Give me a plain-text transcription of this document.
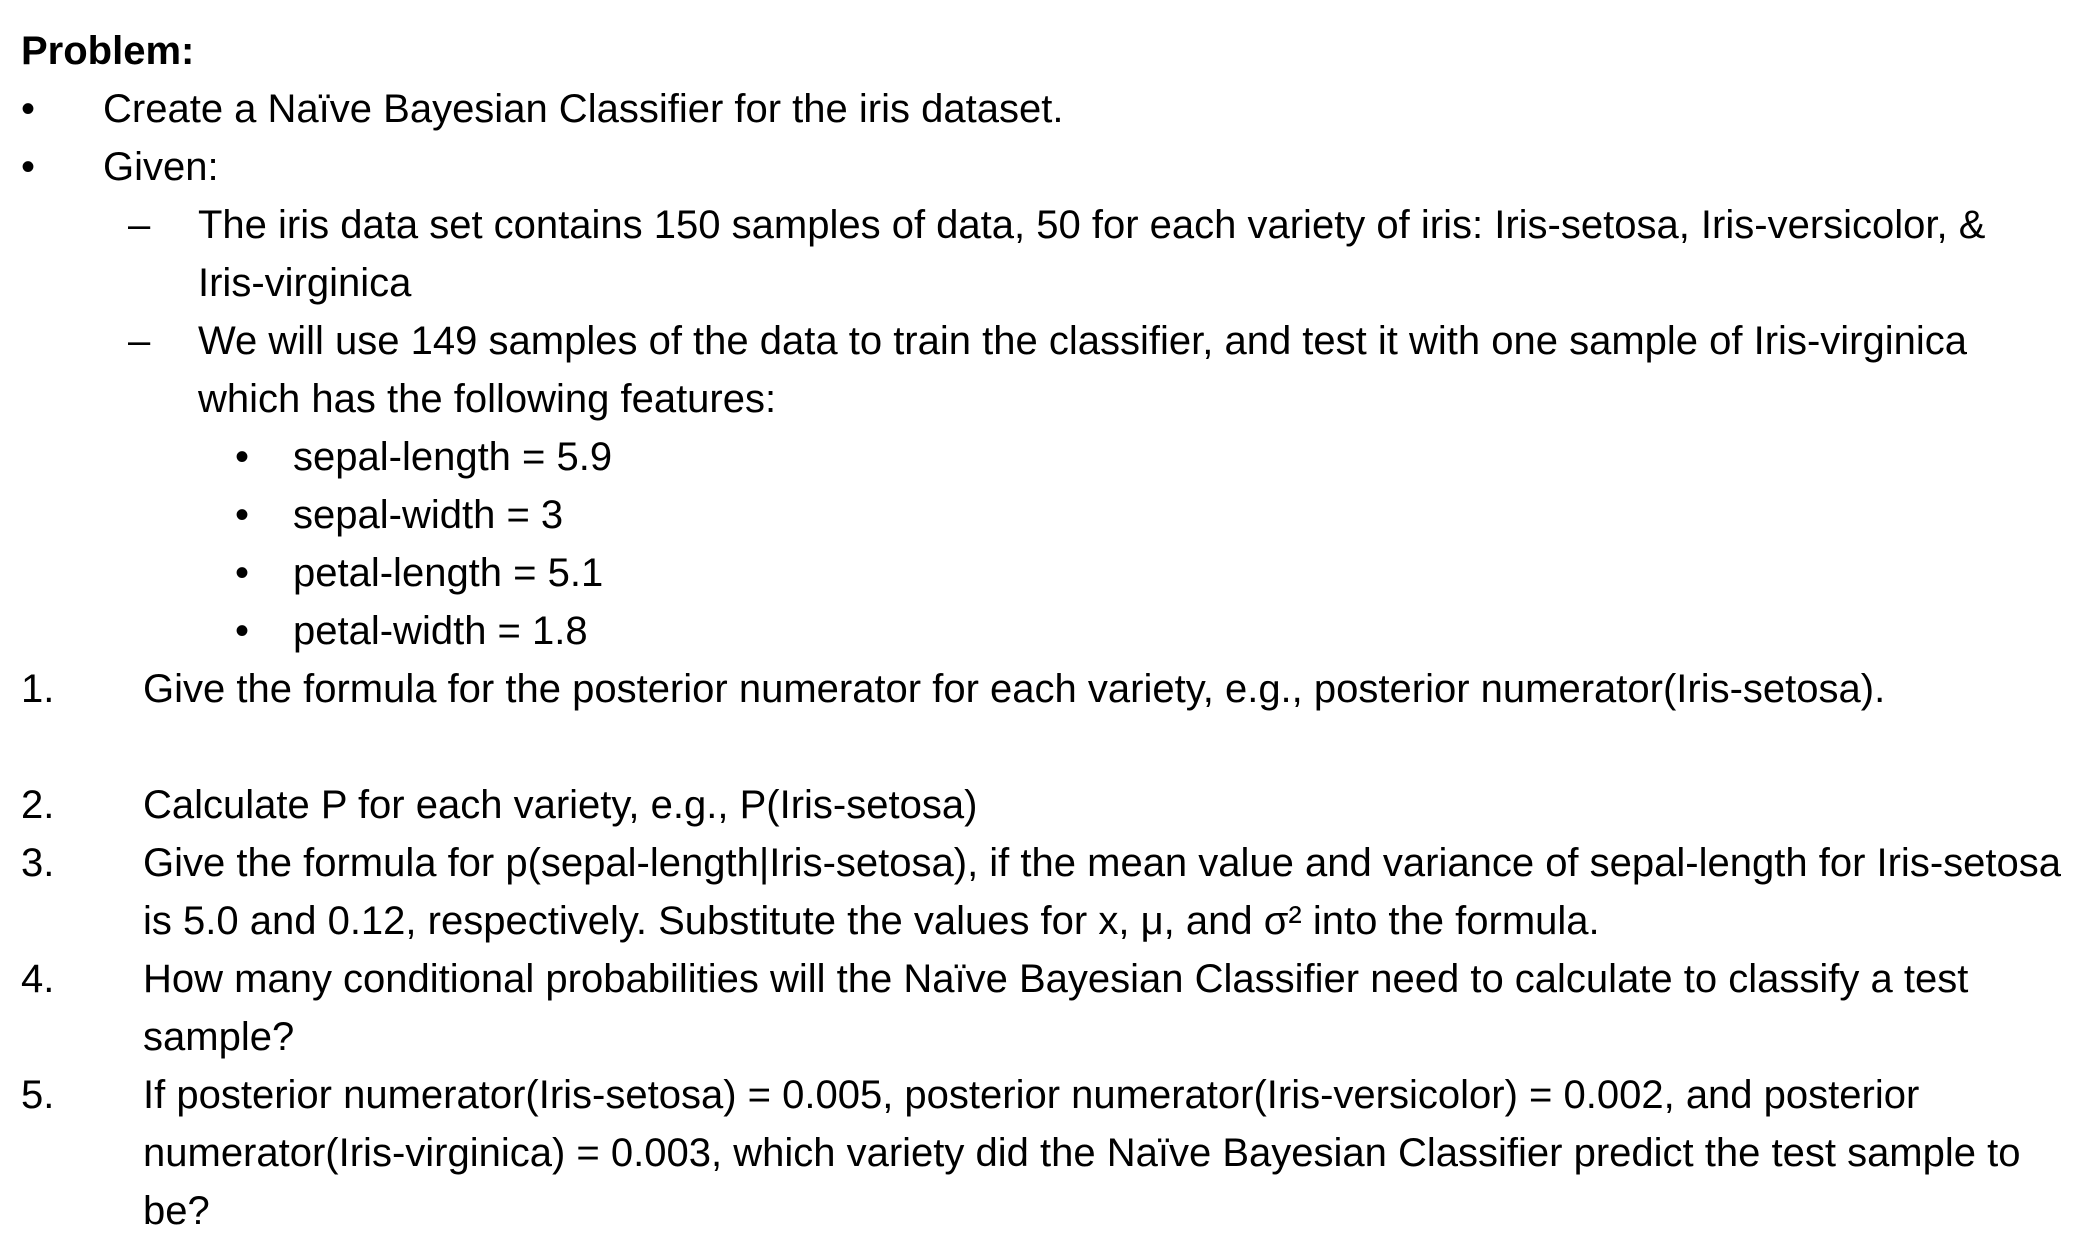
Problem:
•	Create a Naïve Bayesian Classifier for the iris dataset.
•	Given:
–	The iris data set contains 150 samples of data, 50 for each variety of iris: Iris-setosa, Iris-versicolor, & Iris-virginica
–	We will use 149 samples of the data to train the classifier, and test it with one sample of Iris-virginica which has the following features:
•	sepal-length = 5.9
•	sepal-width = 3
•	petal-length = 5.1
•	petal-width = 1.8
1.	Give the formula for the posterior numerator for each variety, e.g., posterior numerator(Iris-setosa).
2.	Calculate P for each variety, e.g., P(Iris-setosa)
3.	Give the formula for p(sepal-length|Iris-setosa), if the mean value and variance of sepal-length for Iris-setosa is 5.0 and 0.12, respectively. Substitute the values for x, μ, and σ² into the formula.
4.	How many conditional probabilities will the Naïve Bayesian Classifier need to calculate to classify a test sample?
5.	If posterior numerator(Iris-setosa) = 0.005, posterior numerator(Iris-versicolor) = 0.002, and posterior numerator(Iris-virginica) = 0.003, which variety did the Naïve Bayesian Classifier predict the test sample to be?
